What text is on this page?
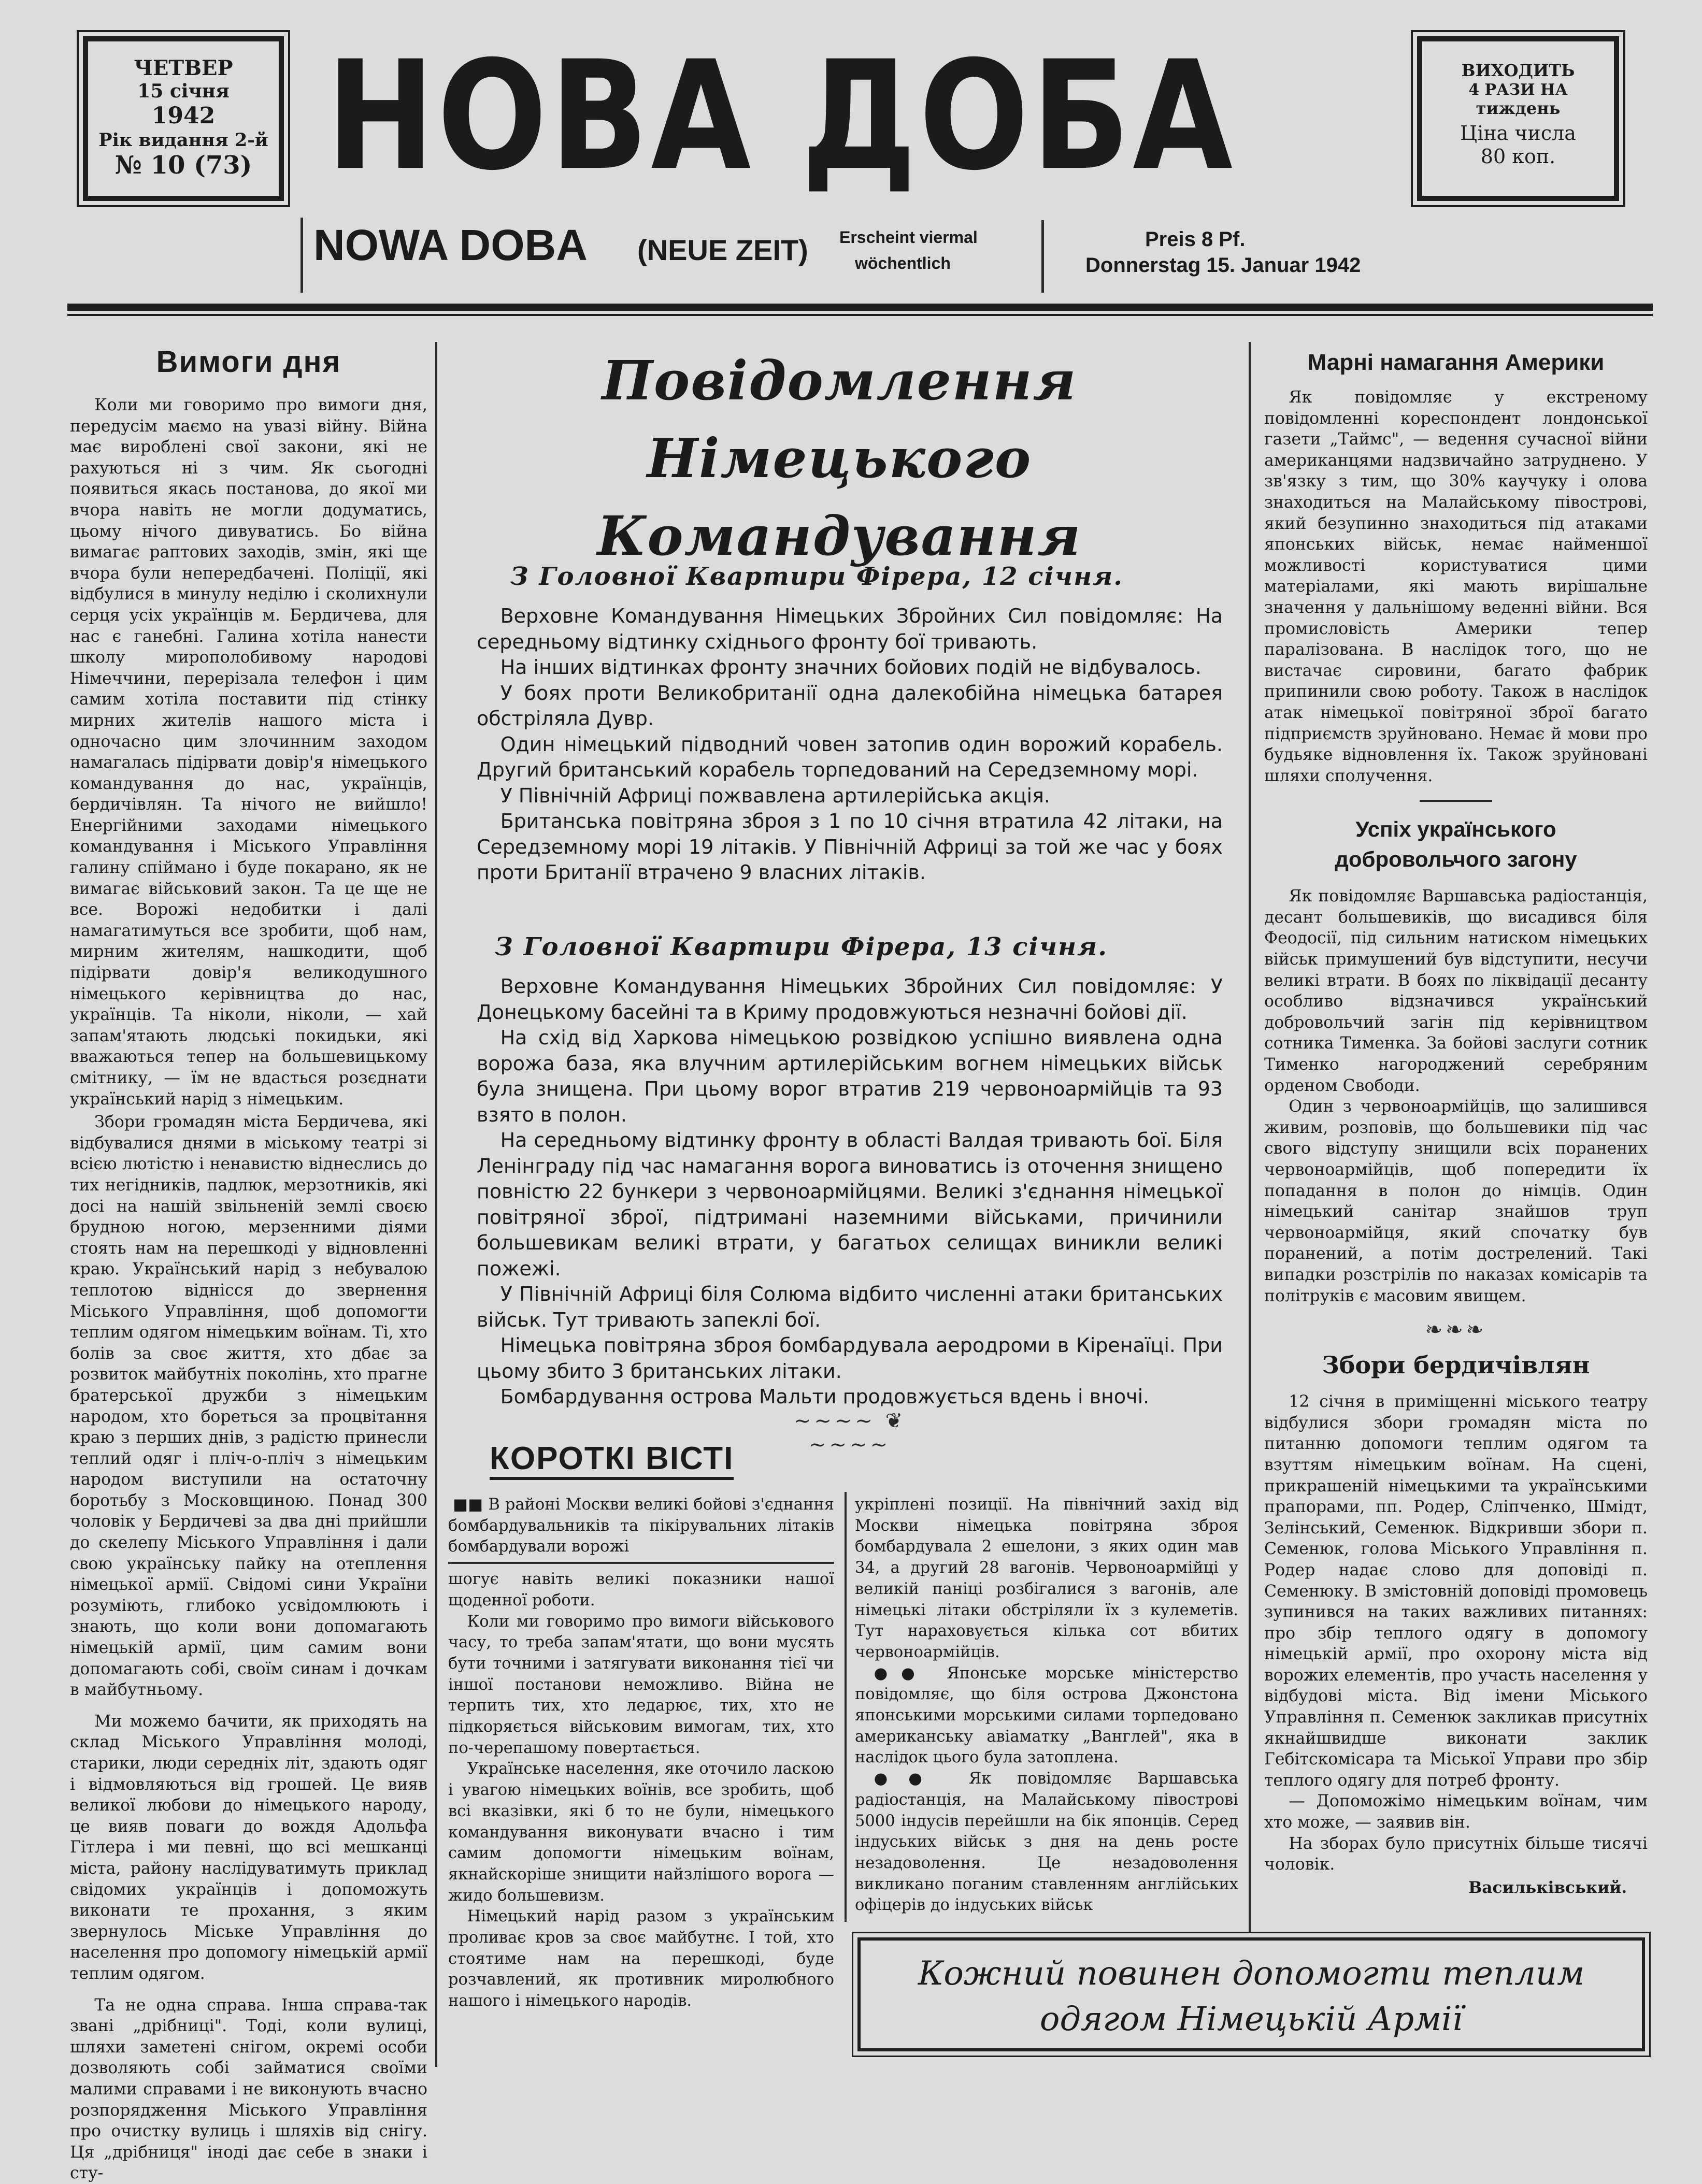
ЧЕТВЕР
15 січня
1942
Рік видання 2-й
№ 10 (73) НОВА ДОБА	ВИХОДИТЬ
4 РАЗИ НА
тиждень
Ціна числа
80 коп.
NOWA DOBA (NEUE ZEIT) Erscheint viermal
wöchentlich
Preis 8 Pf.
Donnerstag 15. Januar 1942
Вимоги дня

Коли ми говоримо про вимоги дня, передусім маємо на увазі війну. Війна має вироблені свої закони, які не рахуються ні з чим. Як сьогодні появиться якась постанова, до якої ми вчора навіть не могли додуматись, цьому нічого дивуватись. Бо війна вимагає раптових заходів, змін, які ще вчора були непередбачені. Поліції, які відбулися в минулу неділю і сколихнули серця усіх українців м. Бердичева, для нас є ганебні. Галина хотіла нанести школу мирополобивому народові Німеччини, перерізала телефон і цим самим хотіла поставити під стінку мирних жителів нашого міста і одночасно цим злочинним заходом намагалась підірвати довір'я німецького командування до нас, українців, бердичівлян. Та нічого не вийшло! Енергійними заходами німецького командування і Міського Управління галину спіймано і буде покарано, як не вимагає військовий закон. Та це ще не все. Ворожі недобитки і далі намагатимуться все зробити, щоб нам, мирним жителям, нашкодити, щоб підірвати довір'я великодушного німецького керівництва до нас, українців. Та ніколи, ніколи, — хай запам'ятають людські покидьки, які вважаються тепер на большевицькому смітнику, — їм не вдасться розєднати український нарід з німецьким.

Збори громадян міста Бердичева, які відбувалися днями в міському театрі зі всією лютістю і ненавистю віднеслись до тих негідників, падлюк, мерзотників, які досі на нашій звільненій землі своєю брудною ногою, мерзенними діями стоять нам на перешкоді у відновленні краю. Український нарід з небувалою теплотою віднісся до звернення Міського Управління, щоб допомогти теплим одягом німецьким воїнам. Ті, хто болів за своє життя, хто дбає за розвиток майбутніх поколінь, хто прагне братерської дружби з німецьким народом, хто бореться за процвітання краю з перших днів, з радістю принесли теплий одяг і пліч-о-пліч з німецьким народом виступили на остаточну боротьбу з Московщиною. Понад 300 чоловік у Бердичеві за два дні прийшли до скелепу Міського Управління і дали свою українську пайку на отеплення німецької армії. Свідомі сини України розуміють, глибоко усвідомлюють і знають, що коли вони допомагають німецькій армії, цим самим вони допомагають собі, своїм синам і дочкам в майбутньому.

Ми можемо бачити, як приходять на склад Міського Управління молоді, старики, люди середніх літ, здають одяг і відмовляються від грошей. Це вияв великої любови до німецького народу, це вияв поваги до вождя Адольфа Гітлера і ми певні, що всі мешканці міста, району наслідуватимуть приклад свідомих українців і допоможуть виконати те прохання, з яким звернулось Міське Управління до населення про допомогу німецькій армії теплим одягом.

Та не одна справа. Інша справа-так звані „дрібниці". Тоді, коли вулиці, шляхи заметені снігом, окремі особи дозволяють собі займатися своїми малими справами і не виконують вчасно розпорядження Міського Управління про очистку вулиць і шляхів від снігу. Ця „дрібниця" іноді дає себе в знаки і сту-

Повідомлення Німецького Командування
З Головної Квартири Фірера, 12 січня.

Верховне Командування Німецьких Збройних Сил повідомляє: На середньому відтинку східнього фронту бої тривають.

На інших відтинках фронту значних бойових подій не відбувалось.

У боях проти Великобританії одна далекобійна німецька батарея обстріляла Дувр.

Один німецький підводний човен затопив один ворожий корабель. Другий британський корабель торпедований на Середземному морі.

У Північній Африці пожвавлена артилерійська акція.

Британська повітряна зброя з 1 по 10 січня втратила 42 літаки, на Середземному морі 19 літаків. У Північній Африці за той же час у боях проти Британії втрачено 9 власних літаків.

З Головної Квартири Фірера, 13 січня.

Верховне Командування Німецьких Збройних Сил повідомляє: У Донецькому басейні та в Криму продовжуються незначні бойові дії.

На схід від Харкова німецькою розвідкою успішно виявлена одна ворожа база, яка влучним артилерійським вогнем німецьких військ була знищена. При цьому ворог втратив 219 червоноармійців та 93 взято в полон.

На середньому відтинку фронту в області Валдая тривають бої. Біля Ленінграду під час намагання ворога виноватись із оточення знищено повністю 22 бункери з червоноармійцями. Великі з'єднання німецької повітряної зброї, підтримані наземними військами, причинили большевикам великі втрати, у багатьох селищах виникли великі пожежі.

У Північній Африці біля Солюма відбито численні атаки британських військ. Тут тривають запеклі бої.

Німецька повітряна зброя бомбардувала аеродроми в Кіренаїці. При цьому збито 3 британських літаки.

Бомбардування острова Мальти продовжується вдень і вночі.

~~~~ ❦ ~~~~
КОРОТКІ ВІСТІ

■■ В районі Москви великі бойові з'єднання бомбардувальників та пікірувальних літаків бомбардували ворожі

шогує навіть великі показники нашої щоденної роботи.

Коли ми говоримо про вимоги військового часу, то треба запам'ятати, що вони мусять бути точними і затягувати виконання тієї чи іншої постанови неможливо. Війна не терпить тих, хто ледарює, тих, хто не підкоряється військовим вимогам, тих, хто по-черепашому повертається.

Українське населення, яке оточило ласкою і увагою німецьких воїнів, все зробить, щоб всі вказівки, які б то не були, німецького командування виконувати вчасно і тим самим допомогти німецьким воїнам, якнайскоріше знищити найзлішого ворога — жидо большевизм.

Німецький нарід разом з українським проливає кров за своє майбутнє. І той, хто стоятиме нам на перешкоді, буде розчавлений, як противник миролюбного нашого і німецького народів.

укріплені позиції. На північний захід від Москви німецька повітряна зброя бомбардувала 2 ешелони, з яких один мав 34, а другий 28 вагонів. Червоноармійці у великій паніці розбігалися з вагонів, але німецькі літаки обстріляли їх з кулеметів. Тут нараховується кілька сот вбитих червоноармійців.

●● Японське морське міністерство повідомляє, що біля острова Джонстона японськими морськими силами торпедовано американську авіаматку „Ванглей", яка в наслідок цього була затоплена.

●● Як повідомляє Варшавська радіостанція, на Малайському півострові 5000 індусів перейшли на бік японців. Серед індуських військ з дня на день росте незадоволення. Це незадоволення викликано поганим ставленням англійських офіцерів до індуських військ

Марні намагання Америки

Як повідомляє у екстреному повідомленні кореспондент лондонської газети „Таймс", — ведення сучасної війни американцями надзвичайно затруднено. У зв'язку з тим, що 30% каучуку і олова знаходиться на Малайському півострові, який безупинно знаходиться під атаками японських військ, немає найменшої можливості користуватися цими матеріалами, які мають вирішальне значення у дальнішому веденні війни. Вся промисловість Америки тепер паралізована. В наслідок того, що не вистачає сировини, багато фабрик припинили свою роботу. Також в наслідок атак німецької повітряної зброї багато підприємств зруйновано. Немає й мови про будьяке відновлення їх. Також зруйновані шляхи сполучення.

Успіх українського добровольчого загону

Як повідомляє Варшавська радіостанція, десант большевиків, що висадився біля Феодосії, під сильним натиском німецьких військ примушений був відступити, несучи великі втрати. В боях по ліквідації десанту особливо відзначився український добровольчий загін під керівництвом сотника Тименка. За бойові заслуги сотник Тименко нагороджений серебряним орденом Свободи.

Один з червоноармійців, що залишився живим, розповів, що большевики під час свого відступу знищили всіх поранених червоноармійців, щоб попередити їх попадання в полон до німців. Один німецький санітар знайшов труп червоноармійця, який спочатку був поранений, а потім дострелений. Такі випадки розстрілів по наказах комісарів та політруків є масовим явищем.

❧❧❧
Збори бердичівлян

12 січня в приміщенні міського театру відбулися збори громадян міста по питанню допомоги теплим одягом та взуттям німецьким воїнам. На сцені, прикрашеній німецькими та українськими прапорами, пп. Родер, Сліпченко, Шмідт, Зелінський, Семенюк. Відкривши збори п. Семенюк, голова Міського Управління п. Родер надає слово для доповіді п. Семенюку. В змістовній доповіді промовець зупинився на таких важливих питаннях: про збір теплого одягу в допомогу німецькій армії, про охорону міста від ворожих елементів, про участь населення у відбудові міста. Від імени Міського Управління п. Семенюк закликав присутніх якнайшвидше виконати заклик Гебітскомісара та Міської Управи про збір теплого одягу для потреб фронту.

— Допоможімо німецьким воїнам, чим хто може, — заявив він.

На зборах було присутніх більше тисячі чоловік.

Васильківський.
Кожний повинен допомогти теплим
одягом Німецькій Армії
